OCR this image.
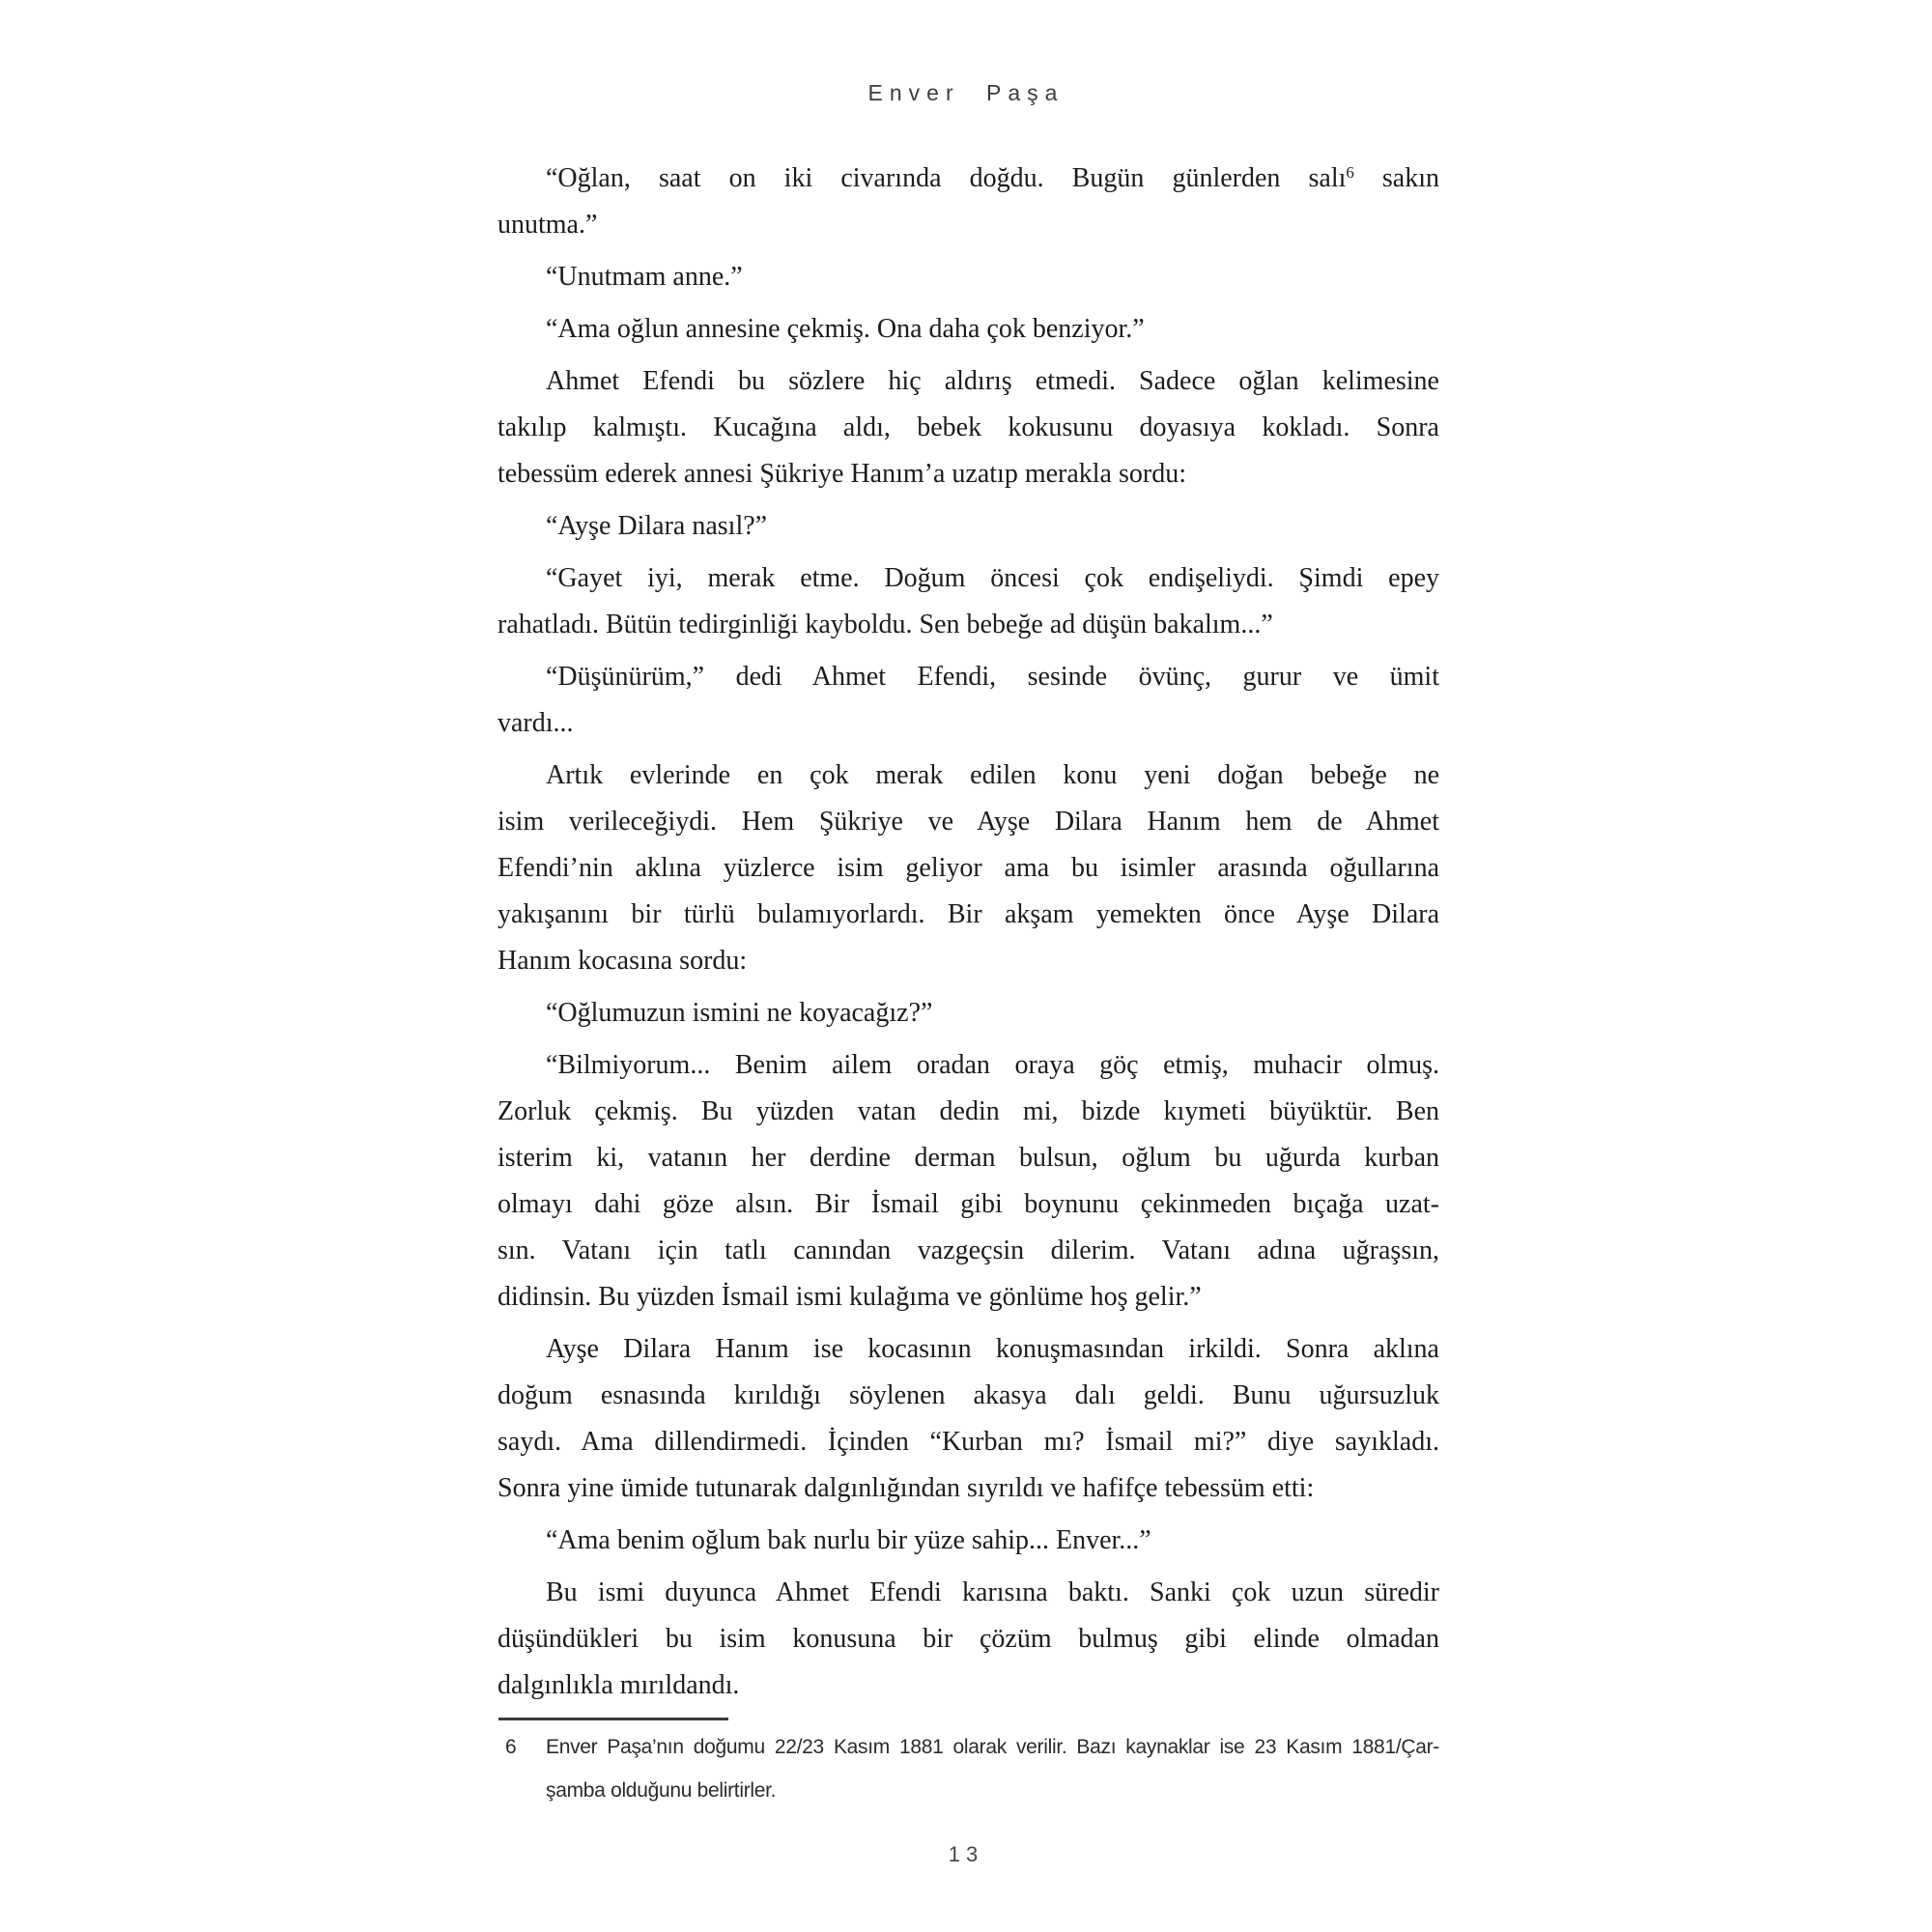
Enver Paşa
“Oğlan, saat on iki civarında doğdu. Bugün günlerden salı$^6$ sakın
unutma.”
“Unutmam anne.”
“Ama oğlun annesine çekmiş. Ona daha çok benziyor.”
Ahmet Efendi bu sözlere hiç aldırış etmedi. Sadece oğlan kelimesine
takılıp kalmıştı. Kucağına aldı, bebek kokusunu doyasıya kokladı. Sonra
tebessüm ederek annesi Şükriye Hanım’a uzatıp merakla sordu:
“Ayşe Dilara nasıl?”
“Gayet iyi, merak etme. Doğum öncesi çok endişeliydi. Şimdi epey
rahatladı. Bütün tedirginliği kayboldu. Sen bebeğe ad düşün bakalım...”
“Düşünürüm,” dedi Ahmet Efendi, sesinde övünç, gurur ve ümit
vardı...
Artık evlerinde en çok merak edilen konu yeni doğan bebeğe ne
isim verileceğiydi. Hem Şükriye ve Ayşe Dilara Hanım hem de Ahmet
Efendi’nin aklına yüzlerce isim geliyor ama bu isimler arasında oğullarına
yakışanını bir türlü bulamıyorlardı. Bir akşam yemekten önce Ayşe Dilara
Hanım kocasına sordu:
“Oğlumuzun ismini ne koyacağız?”
“Bilmiyorum... Benim ailem oradan oraya göç etmiş, muhacir olmuş.
Zorluk çekmiş. Bu yüzden vatan dedin mi, bizde kıymeti büyüktür. Ben
isterim ki, vatanın her derdine derman bulsun, oğlum bu uğurda kurban
olmayı dahi göze alsın. Bir İsmail gibi boynunu çekinmeden bıçağa uzat-
sın. Vatanı için tatlı canından vazgeçsin dilerim. Vatanı adına uğraşsın,
didinsin. Bu yüzden İsmail ismi kulağıma ve gönlüme hoş gelir.”
Ayşe Dilara Hanım ise kocasının konuşmasından irkildi. Sonra aklına
doğum esnasında kırıldığı söylenen akasya dalı geldi. Bunu uğursuzluk
saydı. Ama dillendirmedi. İçinden “Kurban mı? İsmail mi?” diye sayıkladı.
Sonra yine ümide tutunarak dalgınlığından sıyrıldı ve hafifçe tebessüm etti:
“Ama benim oğlum bak nurlu bir yüze sahip... Enver...”
Bu ismi duyunca Ahmet Efendi karısına baktı. Sanki çok uzun süredir
düşündükleri bu isim konusuna bir çözüm bulmuş gibi elinde olmadan
dalgınlıkla mırıldandı.
6	Enver Paşa’nın doğumu 22/23 Kasım 1881 olarak verilir. Bazı kaynaklar ise 23 Kasım 1881/Çar-
şamba olduğunu belirtirler.
13
